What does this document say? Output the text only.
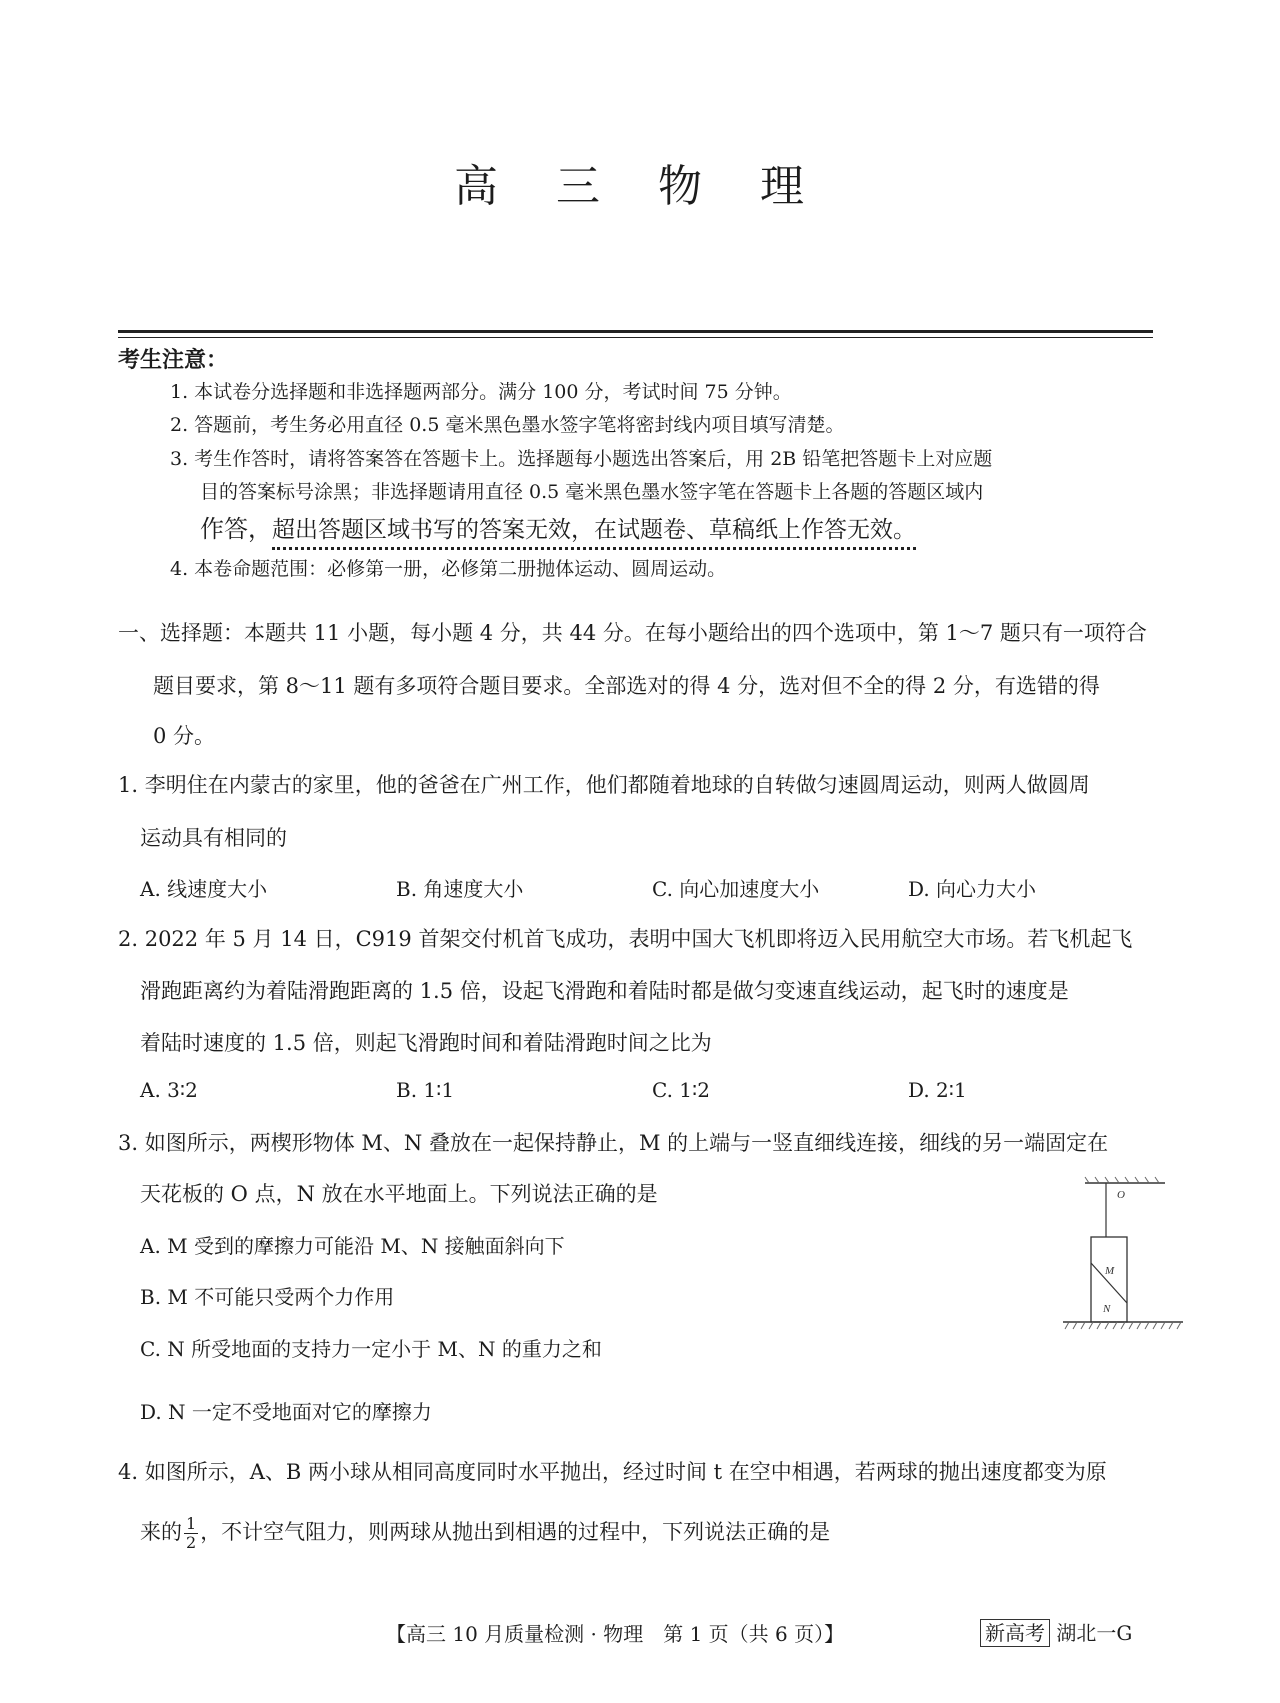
高 三 物 理
考生注意：
1. 本试卷分选择题和非选择题两部分。满分 100 分，考试时间 75 分钟。
2. 答题前，考生务必用直径 0.5 毫米黑色墨水签字笔将密封线内项目填写清楚。
3. 考生作答时，请将答案答在答题卡上。选择题每小题选出答案后，用 2B 铅笔把答题卡上对应题
目的答案标号涂黑；非选择题请用直径 0.5 毫米黑色墨水签字笔在答题卡上各题的答题区域内
作答，超出答题区域书写的答案无效，在试题卷、草稿纸上作答无效。
4. 本卷命题范围：必修第一册，必修第二册抛体运动、圆周运动。
一、选择题：本题共 11 小题，每小题 4 分，共 44 分。在每小题给出的四个选项中，第 1～7 题只有一项符合
题目要求，第 8～11 题有多项符合题目要求。全部选对的得 4 分，选对但不全的得 2 分，有选错的得
0 分。
1. 李明住在内蒙古的家里，他的爸爸在广州工作，他们都随着地球的自转做匀速圆周运动，则两人做圆周
运动具有相同的
A. 线速度大小	B. 角速度大小	C. 向心加速度大小	D. 向心力大小
2. 2022 年 5 月 14 日，C919 首架交付机首飞成功，表明中国大飞机即将迈入民用航空大市场。若飞机起飞
滑跑距离约为着陆滑跑距离的 1.5 倍，设起飞滑跑和着陆时都是做匀变速直线运动，起飞时的速度是
着陆时速度的 1.5 倍，则起飞滑跑时间和着陆滑跑时间之比为
A. 3∶2	B. 1∶1	C. 1∶2	D. 2∶1
3. 如图所示，两楔形物体 M、N 叠放在一起保持静止，M 的上端与一竖直细线连接，细线的另一端固定在
天花板的 O 点，N 放在水平地面上。下列说法正确的是
A. M 受到的摩擦力可能沿 M、N 接触面斜向下
B. M 不可能只受两个力作用
C. N 所受地面的支持力一定小于 M、N 的重力之和
D. N 一定不受地面对它的摩擦力
O
M
N
4. 如图所示，A、B 两小球从相同高度同时水平抛出，经过时间 t 在空中相遇，若两球的抛出速度都变为原
来的 $\frac{1}{2}$ ，不计空气阻力，则两球从抛出到相遇的过程中，下列说法正确的是
【高三 10 月质量检测 · 物理　第 1 页（共 6 页）】	新高考 湖北一G
